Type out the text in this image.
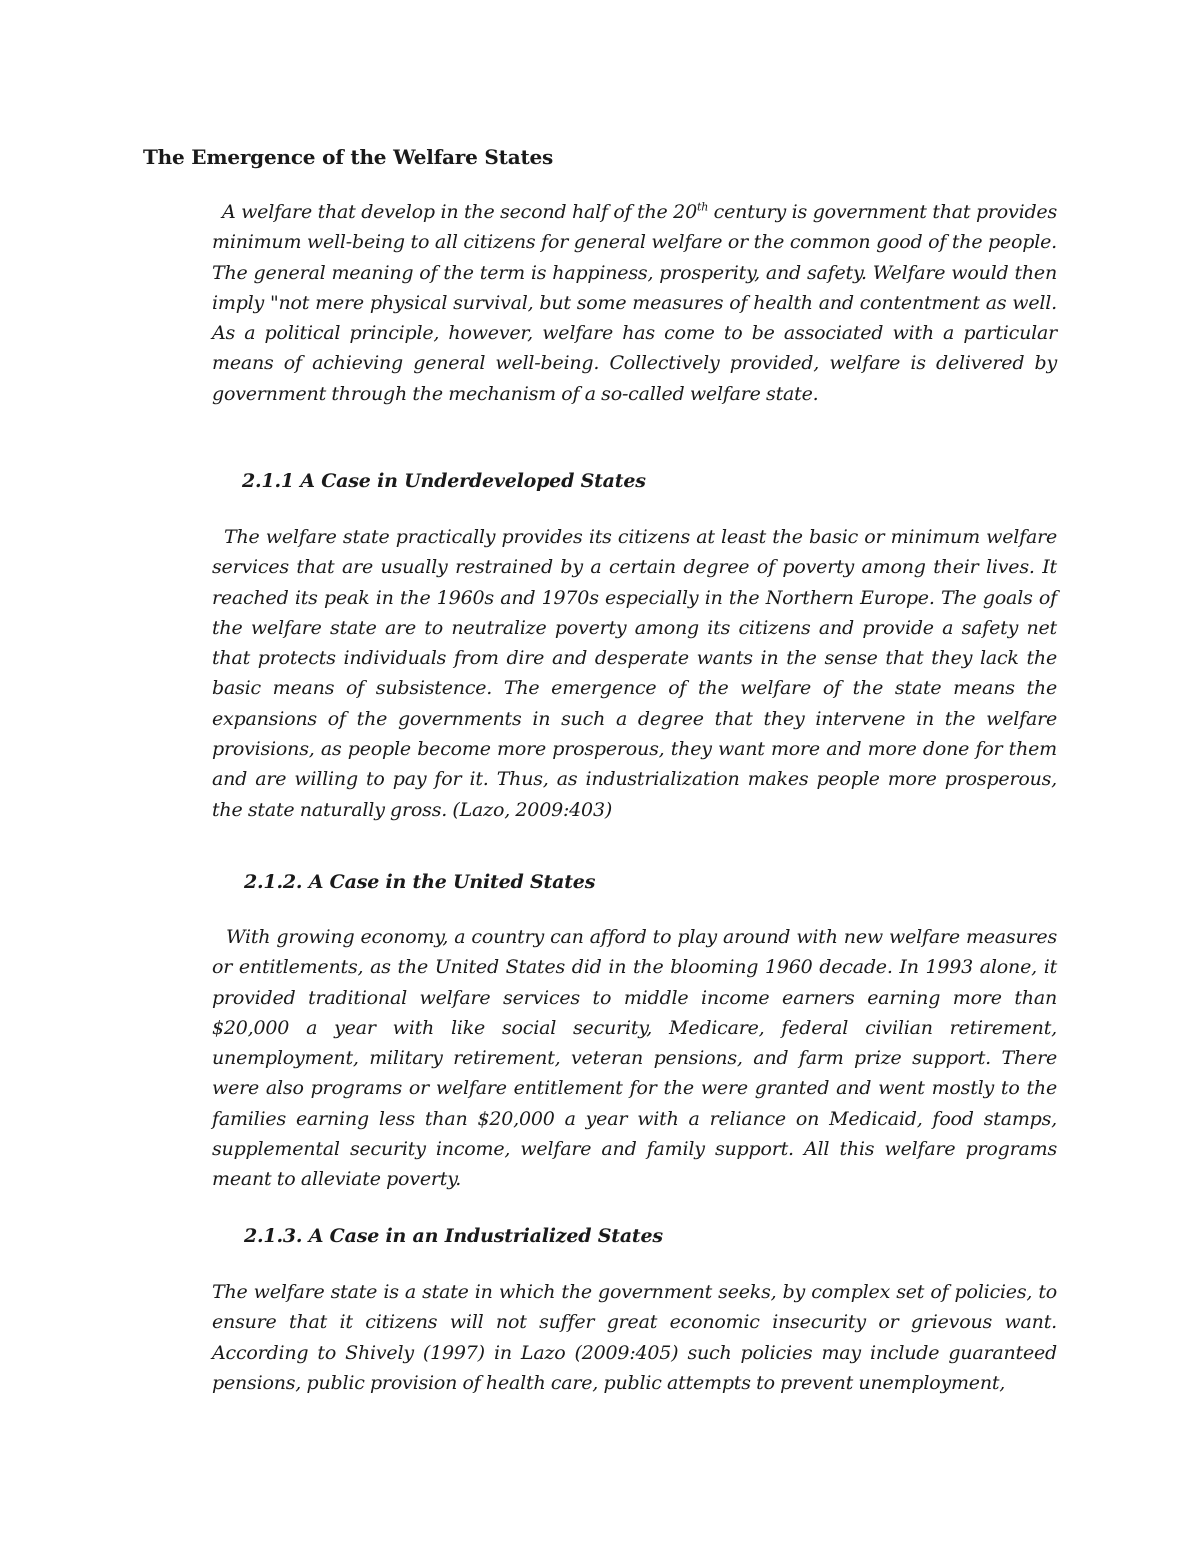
The Emergence of the Welfare States

A welfare that develop in the second half of the 20th century is government that provides minimum well-being to all citizens for general welfare or the common good of the people. The general meaning of the term is happiness, prosperity, and safety. Welfare would then imply "not mere physical survival, but some measures of health and contentment as well. As a political principle, however, welfare has come to be associated with a particular means of achieving general well-being. Collectively provided, welfare is delivered by government through the mechanism of a so-called welfare state.

2.1.1 A Case in Underdeveloped States

The welfare state practically provides its citizens at least the basic or minimum welfare services that are usually restrained by a certain degree of poverty among their lives. It reached its peak in the 1960s and 1970s especially in the Northern Europe. The goals of the welfare state are to neutralize poverty among its citizens and provide a safety net that protects individuals from dire and desperate wants in the sense that they lack the basic means of subsistence. The emergence of the welfare of the state means the expansions of the governments in such a degree that they intervene in the welfare provisions, as people become more prosperous, they want more and more done for them and are willing to pay for it. Thus, as industrialization makes people more prosperous, the state naturally gross. (Lazo, 2009:403)

2.1.2. A Case in the United States

With growing economy, a country can afford to play around with new welfare measures or entitlements, as the United States did in the blooming 1960 decade. In 1993 alone, it provided traditional welfare services to middle income earners earning more than $20,000 a year with like social security, Medicare, federal civilian retirement, unemployment, military retirement, veteran pensions, and farm prize support. There were also programs or welfare entitlement for the were granted and went mostly to the families earning less than $20,000 a year with a reliance on Medicaid, food stamps, supplemental security income, welfare and family support. All this welfare programs meant to alleviate poverty.

2.1.3. A Case in an Industrialized States

The welfare state is a state in which the government seeks, by complex set of policies, to ensure that it citizens will not suffer great economic insecurity or grievous want. According to Shively (1997) in Lazo (2009:405) such policies may include guaranteed pensions, public provision of health care, public attempts to prevent unemployment,
